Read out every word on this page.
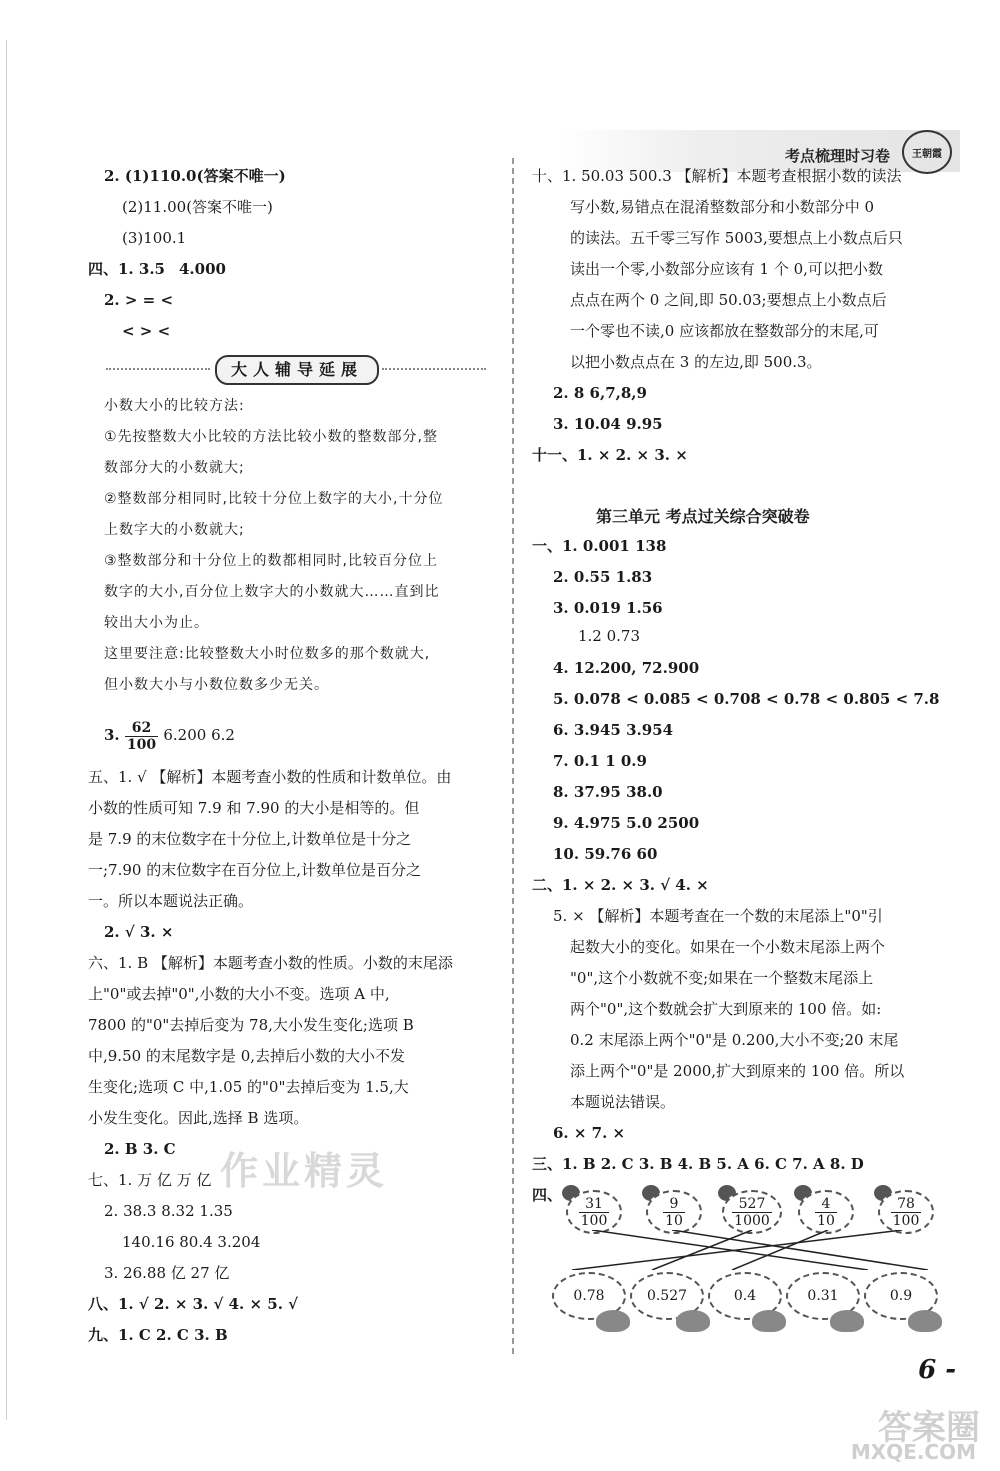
考点梳理时习卷	王朝霞
2. (1)110.0(答案不唯一)
(2)11.00(答案不唯一)
(3)100.1
四、1. 3.5 4.000
2. > = <
< > <
大人辅导延展
小数大小的比较方法:
①先按整数大小比较的方法比较小数的整数部分,整
数部分大的小数就大;
②整数部分相同时,比较十分位上数字的大小,十分位
上数字大的小数就大;
③整数部分和十分位上的数都相同时,比较百分位上
数字的大小,百分位上数字大的小数就大……直到比
较出大小为止。
这里要注意:比较整数大小时位数多的那个数就大,
但小数大小与小数位数多少无关。
3. $\frac{62}{100} 6.200$ 6.2
五、1. √ 【解析】本题考查小数的性质和计数单位。由
小数的性质可知 7.9 和 7.90 的大小是相等的。但
是 7.9 的末位数字在十分位上,计数单位是十分之
一;7.90 的末位数字在百分位上,计数单位是百分之
一。所以本题说法正确。
2. √ 3. ×
六、1. B 【解析】本题考查小数的性质。小数的末尾添
上"0"或去掉"0",小数的大小不变。选项 A 中,
7800 的"0"去掉后变为 78,大小发生变化;选项 B
中,9.50 的末尾数字是 0,去掉后小数的大小不发
生变化;选项 C 中,1.05 的"0"去掉后变为 1.5,大
小发生变化。因此,选择 B 选项。
2. B 3. C
七、1. 万 亿 万 亿
2. 38.3 8.32 1.35
140.16 80.4 3.204
3. 26.88 亿 27 亿
八、1. √ 2. × 3. √ 4. × 5. √
九、1. C 2. C 3. B
作业精灵
十、1. 50.03 500.3 【解析】本题考查根据小数的读法
写小数,易错点在混淆整数部分和小数部分中 0
的读法。五千零三写作 5003,要想点上小数点后只
读出一个零,小数部分应该有 1 个 0,可以把小数
点点在两个 0 之间,即 50.03;要想点上小数点后
一个零也不读,0 应该都放在整数部分的末尾,可
以把小数点点在 3 的左边,即 500.3。
2. 8 6,7,8,9
3. 10.04 9.95
十一、1. × 2. × 3. ×
第三单元 考点过关综合突破卷
一、1. 0.001 138
2. 0.55 1.83
3. 0.019 1.56
1.2 0.73
4. 12.200, 72.900
5. 0.078 < 0.085 < 0.708 < 0.78 < 0.805 < 7.8
6. 3.945 3.954
7. 0.1 1 0.9
8. 37.95 38.0
9. 4.975 5.0 2500
10. 59.76 60
二、1. × 2. × 3. √ 4. ×
5. × 【解析】本题考查在一个数的末尾添上"0"引
起数大小的变化。如果在一个小数末尾添上两个
"0",这个小数就不变;如果在一个整数末尾添上
两个"0",这个数就会扩大到原来的 100 倍。如:
0.2 末尾添上两个"0"是 0.200,大小不变;20 末尾
添上两个"0"是 2000,扩大到原来的 100 倍。所以
本题说法错误。
6. × 7. ×
三、1. B 2. C 3. B 4. B 5. A 6. C 7. A 8. D
四、
$\frac{31}{100}$	$\frac{9}{10}$	$\frac{527}{1000}$	$\frac{4}{10}$	$\frac{78}{100}$
0.78	0.527	0.4	0.31	0.9
6 -
答案圈
MXQE.COM
